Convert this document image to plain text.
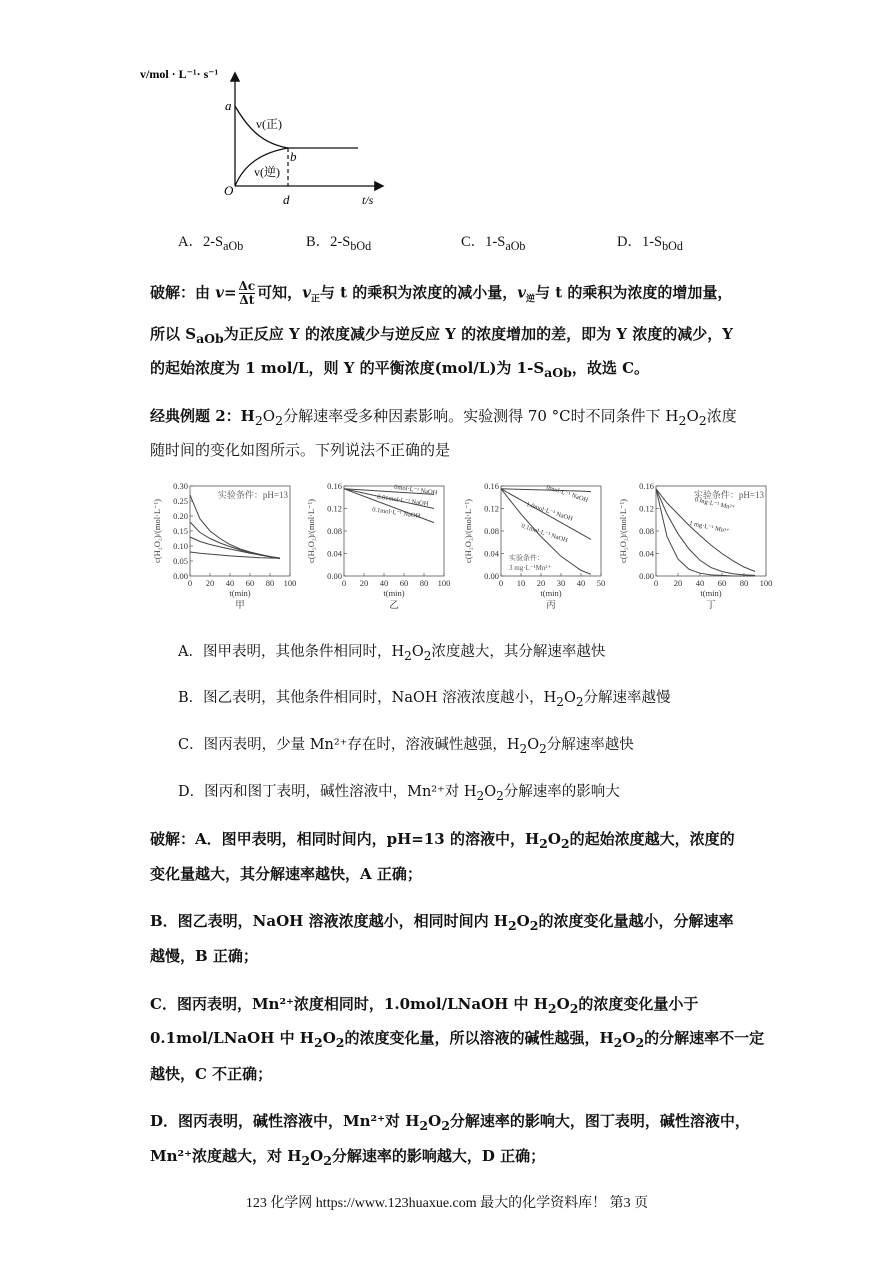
v/mol · L⁻¹· s⁻¹
t/s
a
b
O
d
v(正)
v(逆)
A．$2-S_{aOb}$	B．$2-S_{bOd}$	C．$1-S_{aOb}$	D．$1-S_{bOd}$
破解：由 $v= \frac{\Delta c}{\Delta t}$ 可知，$v_正$与 t 的乘积为浓度的减小量，$v_逆$与 t 的乘积为浓度的增加量，
所以 $S_{aOb}$为正反应 Y 的浓度减少与逆反应 Y 的浓度增加的差，即为 Y 浓度的减少，Y
的起始浓度为 1 mol/L，则 Y 的平衡浓度(mol/L)为 $1-S_{aOb}$，故选 C。
经典例题 2：$H_2O_2$分解速率受多种因素影响。实验测得 70 °C时不同条件下 $H_2O_2$浓度
随时间的变化如图所示。下列说法不正确的是
0 20 40 60 80 100
0.00
0.05
0.10
0.15
0.20
0.25
0.30
t(min)
c(H₂O₂)/(mol·L⁻¹)
甲
实验条件：pH=13
0 20 40 60 80 100
0.00
0.04
0.08
0.12
0.16
t(min)
c(H₂O₂)/(mol·L⁻¹)
乙
0mol·L⁻¹ NaOH
0.01mol·L⁻¹ NaOH
0.1mol·L⁻¹ NaOH
0 10 20 30 40 50
0.00
0.04
0.08
0.12
0.16
t(min)
c(H₂O₂)/(mol·L⁻¹)
丙
0mol·L⁻¹ NaOH
1.0mol·L⁻¹ NaOH
0.1mol·L⁻¹ NaOH
实验条件：
3 mg·L⁻¹Mn²⁺
0 20 40 60 80 100
0.00
0.04
0.08
0.12
0.16
t(min)
c(H₂O₂)/(mol·L⁻¹)
丁
0 mg·L⁻¹ Mn²⁺
1 mg·L⁻¹ Mn²⁺
实验条件：pH=13
A．图甲表明，其他条件相同时，$H_2O_2$浓度越大，其分解速率越快
B．图乙表明，其他条件相同时，NaOH 溶液浓度越小，$H_2O_2$分解速率越慢
C．图丙表明，少量 Mn²⁺存在时，溶液碱性越强，$H_2O_2$分解速率越快
D．图丙和图丁表明，碱性溶液中，Mn²⁺对 $H_2O_2$分解速率的影响大
破解：A．图甲表明，相同时间内，pH=13 的溶液中，$H_2O_2$的起始浓度越大，浓度的
变化量越大，其分解速率越快，A 正确；
B．图乙表明，NaOH 溶液浓度越小，相同时间内 $H_2O_2$的浓度变化量越小，分解速率
越慢，B 正确；
C．图丙表明，Mn²⁺浓度相同时，1.0mol/LNaOH 中 $H_2O_2$的浓度变化量小于
0.1mol/LNaOH 中 $H_2O_2$的浓度变化量，所以溶液的碱性越强，$H_2O_2$的分解速率不一定
越快，C 不正确；
D．图丙表明，碱性溶液中，Mn²⁺对 $H_2O_2$分解速率的影响大，图丁表明，碱性溶液中，
Mn²⁺浓度越大，对 $H_2O_2$分解速率的影响越大，D 正确；
123 化学网 https://www.123huaxue.com 最大的化学资料库！ 第3 页
